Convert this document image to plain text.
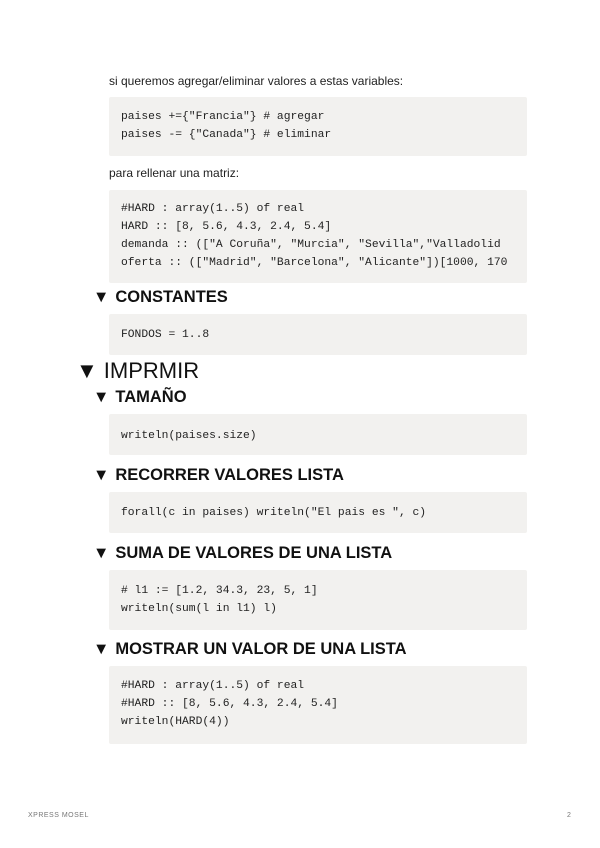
si queremos agregar/eliminar valores a estas variables:

paises +={"Francia"} # agregar
paises -= {"Canada"} # eliminar

para rellenar una matriz:

#HARD : array(1..5) of real
HARD :: [8, 5.6, 4.3, 2.4, 5.4]
demanda :: (["A Coruña", "Murcia", "Sevilla","Valladolid
oferta :: (["Madrid", "Barcelona", "Alicante"])[1000, 170
▼ CONSTANTES
FONDOS = 1..8
▼ IMPRMIR
▼ TAMAÑO
writeln(paises.size)
▼ RECORRER VALORES LISTA
forall(c in paises) writeln("El pais es ", c)
▼ SUMA DE VALORES DE UNA LISTA
# l1 := [1.2, 34.3, 23, 5, 1]
writeln(sum(l in l1) l)
▼ MOSTRAR UN VALOR DE UNA LISTA
#HARD : array(1..5) of real
#HARD :: [8, 5.6, 4.3, 2.4, 5.4]
writeln(HARD(4))
XPRESS MOSEL	2
